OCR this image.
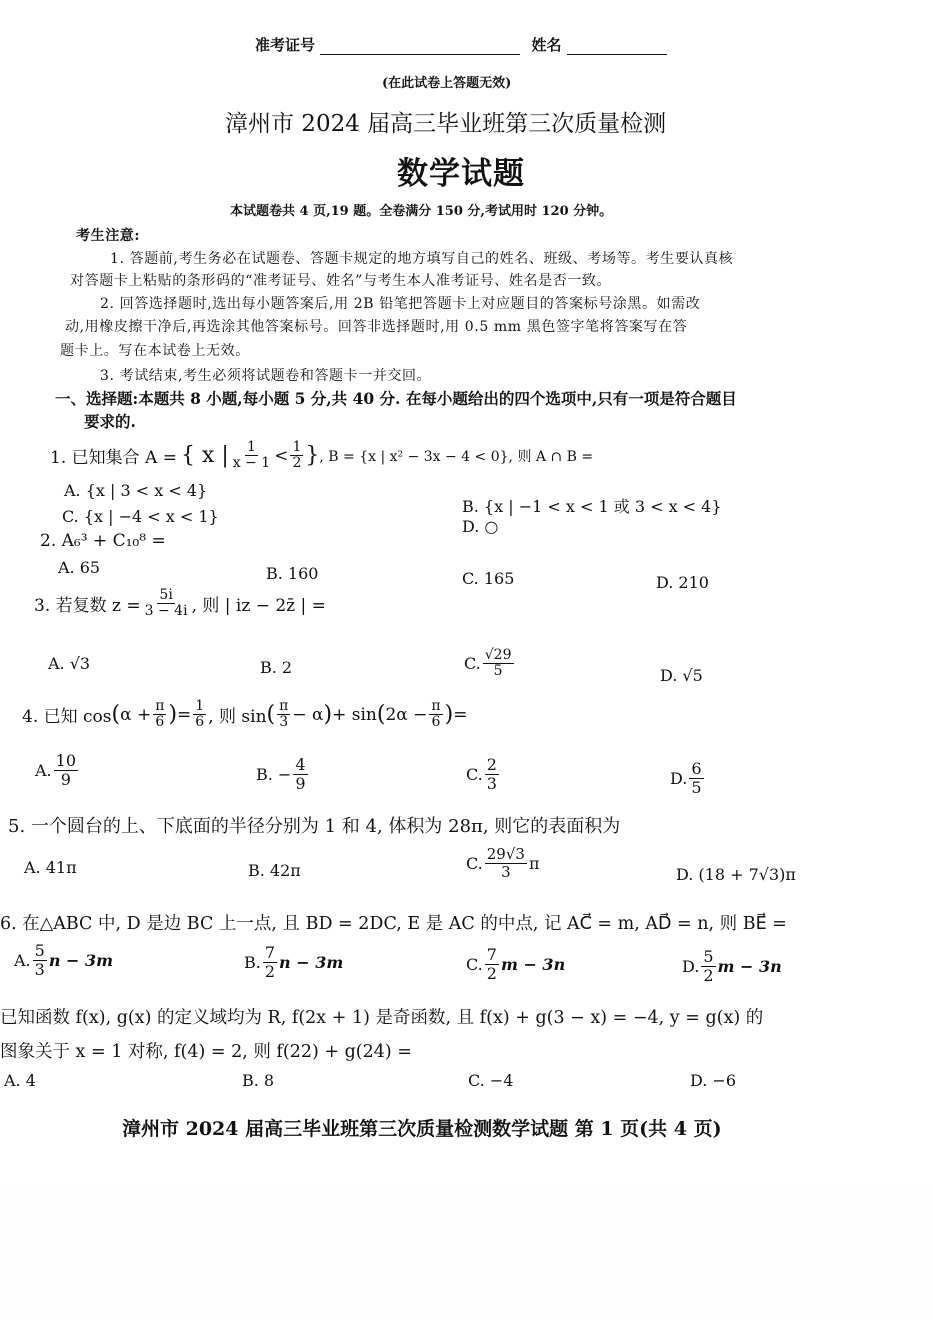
准考证号	姓名
(在此试卷上答题无效)
漳州市 2024 届高三毕业班第三次质量检测
数学试题
本试题卷共 4 页,19 题。全卷满分 150 分,考试用时 120 分钟。
考生注意:
1. 答题前,考生务必在试题卷、答题卡规定的地方填写自己的姓名、班级、考场等。考生要认真核
对答题卡上粘贴的条形码的“准考证号、姓名”与考生本人准考证号、姓名是否一致。
2. 回答选择题时,选出每小题答案后,用 2B 铅笔把答题卡上对应题目的答案标号涂黑。如需改
动,用橡皮擦干净后,再选涂其他答案标号。回答非选择题时,用 0.5 mm 黑色签字笔将答案写在答
题卡上。写在本试卷上无效。
3. 考试结束,考生必须将试题卷和答题卡一并交回。
一、选择题:本题共 8 小题,每小题 5 分,共 40 分. 在每小题给出的四个选项中,只有一项是符合题目
要求的.
1. 已知集合 A = { x | $\frac{1}{x - 1} < \frac{1}{2}$ } , B = {x | x² − 3x − 4 < 0}, 则 A ∩ B =
A. {x | 3 < x < 4}
B. {x | −1 < x < 1 或 3 < x < 4}
C. {x | −4 < x < 1}
D. ○
2. A₆³ + C₁₀⁸ =
A. 65	B. 160	C. 165	D. 210
3. 若复数 $z = \frac{5i}{3 - 4i}$ , 则 | iz − 2z̄ | =
A. √3	B. 2	C. $\frac{√29}{5}$	D. √5
4. 已知 cos ( $\alpha + \frac{\pi}{6}$ ) = $\frac{1}{6}$ , 则 sin ( $\frac{\pi}{3} - \alpha$ ) + sin ( $2\alpha - \frac{\pi}{6}$ ) =
A. $\frac{10}{9}$	B. − $\frac{4}{9}$	C. $\frac{2}{3}$	D. $\frac{6}{5}$
5. 一个圆台的上、下底面的半径分别为 1 和 4, 体积为 28π, 则它的表面积为
A. 41π	B. 42π	C. $\frac{29√3}{3}$ π
D. (18 + 7√3)π
6. 在△ABC 中, D 是边 BC 上一点, 且 BD = 2DC, E 是 AC 的中点, 记 AC⃗ = m, AD⃗ = n, 则 BE⃗ =
A. $\frac{5}{3}$ n − 3m	B. $\frac{7}{2}$ n − 3m	C. $\frac{7}{2}$ m − 3n	D. $\frac{5}{2}$ m − 3n
已知函数 f(x), g(x) 的定义域均为 R, f(2x + 1) 是奇函数, 且 f(x) + g(3 − x) = −4, y = g(x) 的
图象关于 x = 1 对称, f(4) = 2, 则 f(22) + g(24) =
A. 4	B. 8	C. −4	D. −6
漳州市 2024 届高三毕业班第三次质量检测数学试题 第 1 页(共 4 页)
